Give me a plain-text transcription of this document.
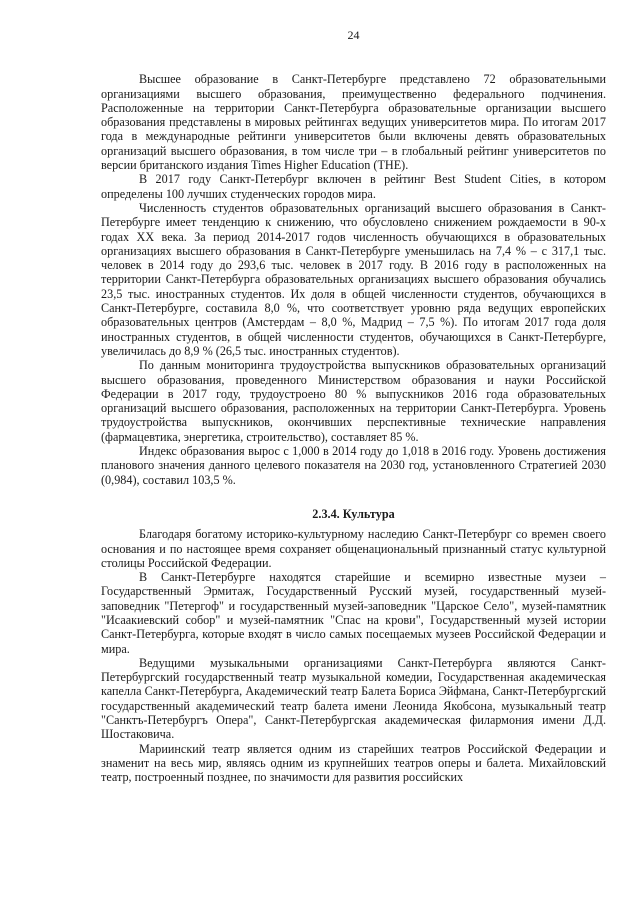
24

Высшее образование в Санкт-Петербурге представлено 72 образовательными организациями высшего образования, преимущественно федерального подчинения. Расположенные на территории Санкт-Петербурга образовательные организации высшего образования представлены в мировых рейтингах ведущих университетов мира. По итогам 2017 года в международные рейтинги университетов были включены девять образовательных организаций высшего образования, в том числе три – в глобальный рейтинг университетов по версии британского издания Times Higher Education (THE).

В 2017 году Санкт-Петербург включен в рейтинг Best Student Cities, в котором определены 100 лучших студенческих городов мира.

Численность студентов образовательных организаций высшего образования в Санкт-Петербурге имеет тенденцию к снижению, что обусловлено снижением рождаемости в 90-х годах XX века. За период 2014-2017 годов численность обучающихся в образовательных организациях высшего образования в Санкт-Петербурге уменьшилась на 7,4 % – с 317,1 тыс. человек в 2014 году до 293,6 тыс. человек в 2017 году. В 2016 году в расположенных на территории Санкт-Петербурга образовательных организациях высшего образования обучались 23,5 тыс. иностранных студентов. Их доля в общей численности студентов, обучающихся в Санкт-Петербурге, составила 8,0 %, что соответствует уровню ряда ведущих европейских образовательных центров (Амстердам – 8,0 %, Мадрид – 7,5 %). По итогам 2017 года доля иностранных студентов, в общей численности студентов, обучающихся в Санкт-Петербурге, увеличилась до 8,9 % (26,5 тыс. иностранных студентов).

По данным мониторинга трудоустройства выпускников образовательных организаций высшего образования, проведенного Министерством образования и науки Российской Федерации в 2017 году, трудоустроено 80 % выпускников 2016 года образовательных организаций высшего образования, расположенных на территории Санкт-Петербурга. Уровень трудоустройства выпускников, окончивших перспективные технические направления (фармацевтика, энергетика, строительство), составляет 85 %.

Индекс образования вырос с 1,000 в 2014 году до 1,018 в 2016 году. Уровень достижения планового значения данного целевого показателя на 2030 год, установленного Стратегией 2030 (0,984), составил 103,5 %.

2.3.4. Культура

Благодаря богатому историко-культурному наследию Санкт-Петербург со времен своего основания и по настоящее время сохраняет общенациональный признанный статус культурной столицы Российской Федерации.

В Санкт-Петербурге находятся старейшие и всемирно известные музеи – Государственный Эрмитаж, Государственный Русский музей, государственный музей-заповедник "Петергоф" и государственный музей-заповедник "Царское Село", музей-памятник "Исаакиевский собор" и музей-памятник "Спас на крови", Государственный музей истории Санкт-Петербурга, которые входят в число самых посещаемых музеев Российской Федерации и мира.

Ведущими музыкальными организациями Санкт-Петербурга являются Санкт-Петербургский государственный театр музыкальной комедии, Государственная академическая капелла Санкт-Петербурга, Академический театр Балета Бориса Эйфмана, Санкт-Петербургский государственный академический театр балета имени Леонида Якобсона, музыкальный театр "Санктъ-Петербургъ Опера", Санкт-Петербургская академическая филармония имени Д.Д. Шостаковича.

Мариинский театр является одним из старейших театров Российской Федерации и знаменит на весь мир, являясь одним из крупнейших театров оперы и балета. Михайловский театр, построенный позднее, по значимости для развития российских
